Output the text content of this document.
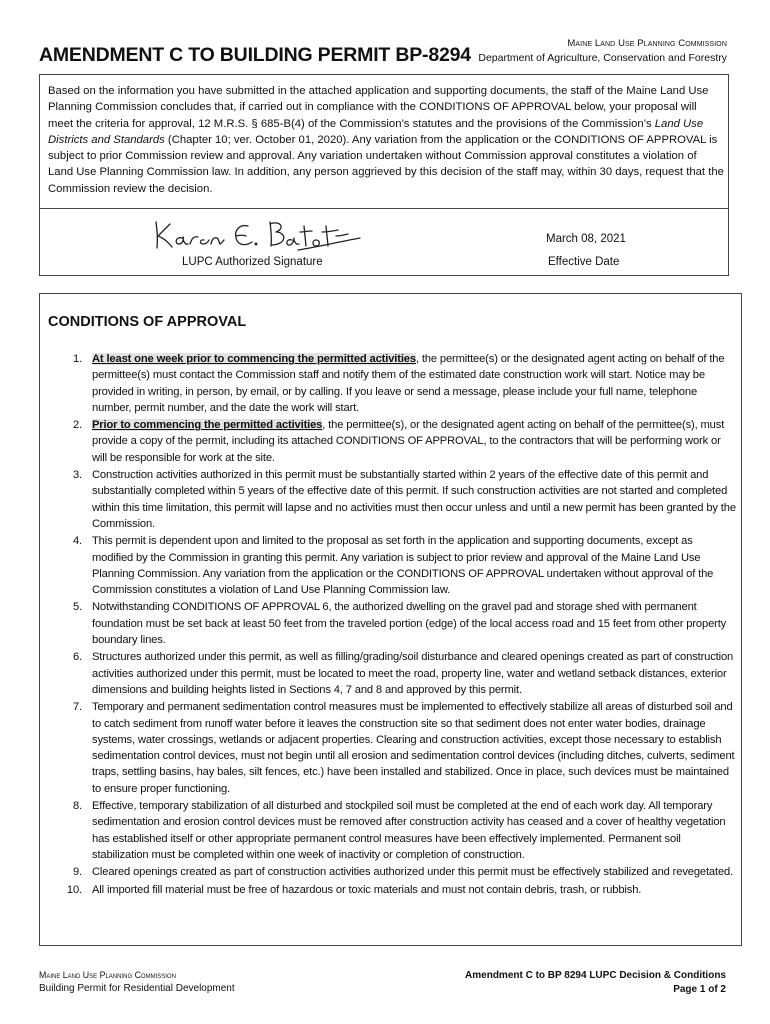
AMENDMENT C TO BUILDING PERMIT BP-8294
Maine Land Use Planning Commission
Department of Agriculture, Conservation and Forestry

Based on the information you have submitted in the attached application and supporting documents, the staff of the Maine Land Use Planning Commission concludes that, if carried out in compliance with the CONDITIONS OF APPROVAL below, your proposal will meet the criteria for approval, 12 M.R.S. § 685-B(4) of the Commission’s statutes and the provisions of the Commission’s Land Use Districts and Standards (Chapter 10; ver. October 01, 2020). Any variation from the application or the CONDITIONS OF APPROVAL is subject to prior Commission review and approval. Any variation undertaken without Commission approval constitutes a violation of Land Use Planning Commission law. In addition, any person aggrieved by this decision of the staff may, within 30 days, request that the Commission review the decision.

LUPC Authorized Signature
March 08, 2021
Effective Date
CONDITIONS OF APPROVAL
1. At least one week prior to commencing the permitted activities, the permittee(s) or the designated agent acting on behalf of the permittee(s) must contact the Commission staff and notify them of the estimated date construction work will start. Notice may be provided in writing, in person, by email, or by calling. If you leave or send a message, please include your full name, telephone number, permit number, and the date the work will start.
2. Prior to commencing the permitted activities, the permittee(s), or the designated agent acting on behalf of the permittee(s), must provide a copy of the permit, including its attached CONDITIONS OF APPROVAL, to the contractors that will be performing work or will be responsible for work at the site.
3. Construction activities authorized in this permit must be substantially started within 2 years of the effective date of this permit and substantially completed within 5 years of the effective date of this permit. If such construction activities are not started and completed within this time limitation, this permit will lapse and no activities must then occur unless and until a new permit has been granted by the Commission.
4. This permit is dependent upon and limited to the proposal as set forth in the application and supporting documents, except as modified by the Commission in granting this permit. Any variation is subject to prior review and approval of the Maine Land Use Planning Commission. Any variation from the application or the CONDITIONS OF APPROVAL undertaken without approval of the Commission constitutes a violation of Land Use Planning Commission law.
5. Notwithstanding CONDITIONS OF APPROVAL 6, the authorized dwelling on the gravel pad and storage shed with permanent foundation must be set back at least 50 feet from the traveled portion (edge) of the local access road and 15 feet from other property boundary lines.
6. Structures authorized under this permit, as well as filling/grading/soil disturbance and cleared openings created as part of construction activities authorized under this permit, must be located to meet the road, property line, water and wetland setback distances, exterior dimensions and building heights listed in Sections 4, 7 and 8 and approved by this permit.
7. Temporary and permanent sedimentation control measures must be implemented to effectively stabilize all areas of disturbed soil and to catch sediment from runoff water before it leaves the construction site so that sediment does not enter water bodies, drainage systems, water crossings, wetlands or adjacent properties. Clearing and construction activities, except those necessary to establish sedimentation control devices, must not begin until all erosion and sedimentation control devices (including ditches, culverts, sediment traps, settling basins, hay bales, silt fences, etc.) have been installed and stabilized. Once in place, such devices must be maintained to ensure proper functioning.
8. Effective, temporary stabilization of all disturbed and stockpiled soil must be completed at the end of each work day. All temporary sedimentation and erosion control devices must be removed after construction activity has ceased and a cover of healthy vegetation has established itself or other appropriate permanent control measures have been effectively implemented. Permanent soil stabilization must be completed within one week of inactivity or completion of construction.
9. Cleared openings created as part of construction activities authorized under this permit must be effectively stabilized and revegetated.
10. All imported fill material must be free of hazardous or toxic materials and must not contain debris, trash, or rubbish.
Maine Land Use Planning Commission
Building Permit for Residential Development
Amendment C to BP 8294 LUPC Decision & Conditions
Page 1 of 2
